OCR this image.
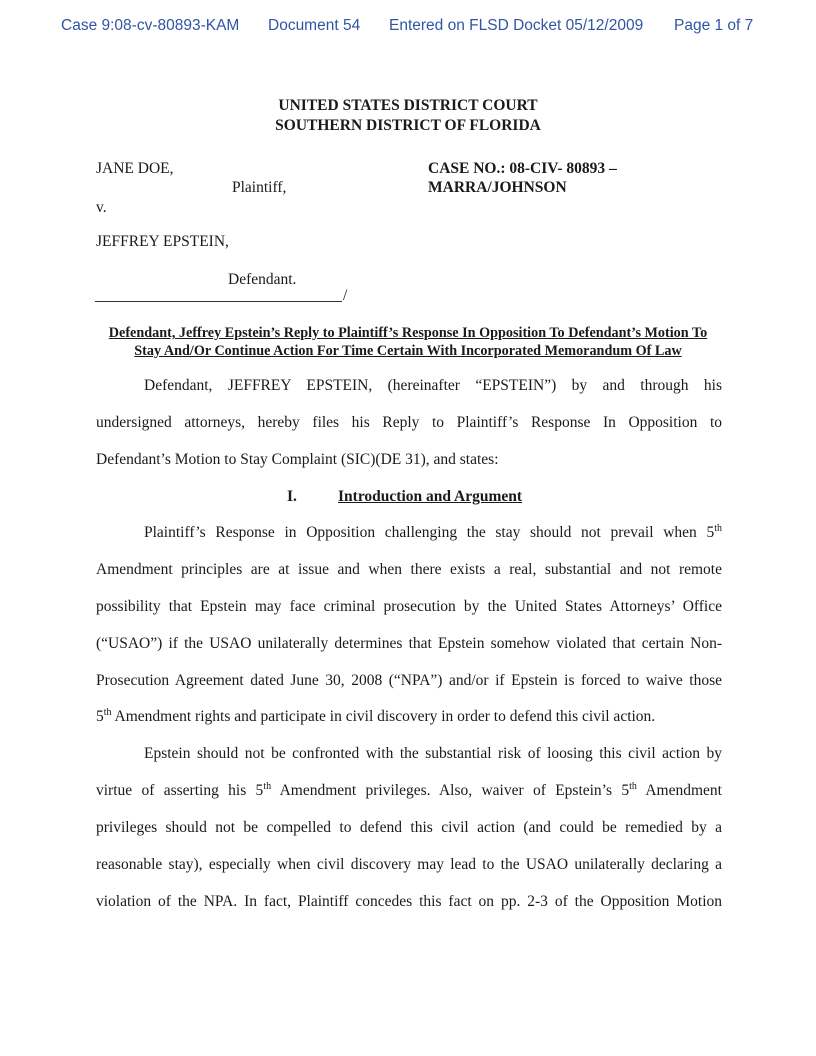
Case 9:08-cv-80893-KAM Document 54 Entered on FLSD Docket 05/12/2009 Page 1 of 7
UNITED STATES DISTRICT COURT
SOUTHERN DISTRICT OF FLORIDA
JANE DOE,
Plaintiff,
v.
JEFFREY EPSTEIN,
Defendant.
/
CASE NO.: 08-CIV- 80893 –
MARRA/JOHNSON
Defendant, Jeffrey Epstein’s Reply to Plaintiff’s Response In Opposition To Defendant’s Motion To
Stay And/Or Continue Action For Time Certain With Incorporated Memorandum Of Law
Defendant, JEFFREY EPSTEIN, (hereinafter “EPSTEIN”) by and through his
undersigned attorneys, hereby files his Reply to Plaintiff’s Response In Opposition to
Defendant’s Motion to Stay Complaint (SIC)(DE 31), and states:
I.	Introduction and Argument
Plaintiff’s Response in Opposition challenging the stay should not prevail when 5th
Amendment principles are at issue and when there exists a real, substantial and not remote
possibility that Epstein may face criminal prosecution by the United States Attorneys’ Office
(“USAO”) if the USAO unilaterally determines that Epstein somehow violated that certain Non-
Prosecution Agreement dated June 30, 2008 (“NPA”) and/or if Epstein is forced to waive those
5th Amendment rights and participate in civil discovery in order to defend this civil action.
Epstein should not be confronted with the substantial risk of loosing this civil action by
virtue of asserting his 5th Amendment privileges. Also, waiver of Epstein’s 5th Amendment
privileges should not be compelled to defend this civil action (and could be remedied by a
reasonable stay), especially when civil discovery may lead to the USAO unilaterally declaring a
violation of the NPA. In fact, Plaintiff concedes this fact on pp. 2-3 of the Opposition Motion
